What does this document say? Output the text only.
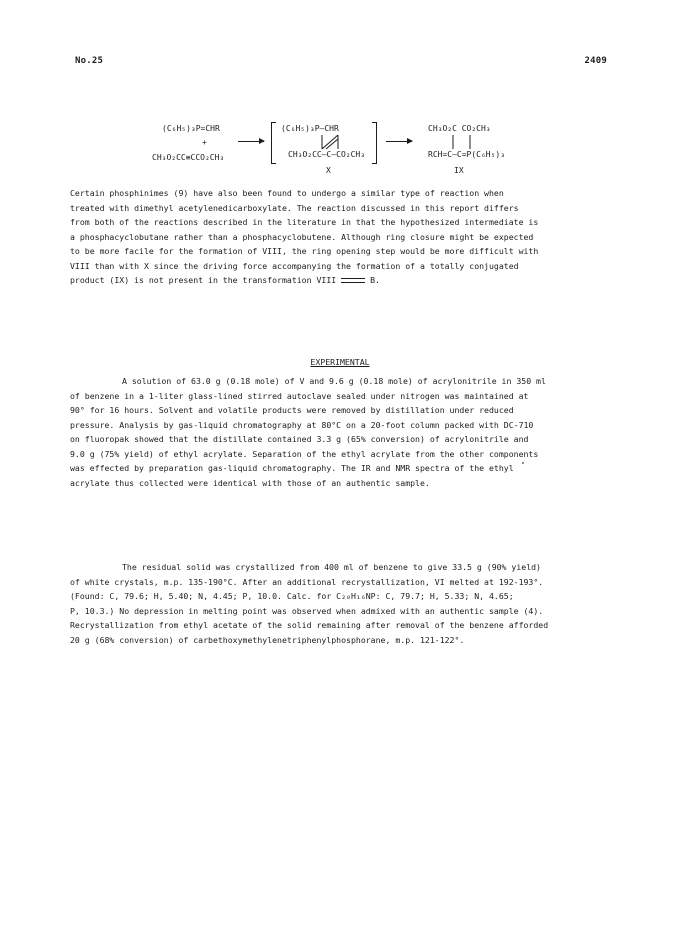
No.25	2409
(C₆H₅)₃P=CHR
+
CH₃O₂CC≡CCO₂CH₃
(C₆H₅)₃P—CHR
CH₃O₂CC—C—CO₂CH₃
X
CH₃O₂C CO₂CH₃
RCH=C—C=P(C₆H₅)₃
IX

Certain phosphinimes (9) have also been found to undergo a similar type of reaction when

treated with dimethyl acetylenedicarboxylate. The reaction discussed in this report differs

from both of the reactions described in the literature in that the hypothesized intermediate is

a phosphacyclobutane rather than a phosphacyclobutene. Although ring closure might be expected

to be more facile for the formation of VIII, the ring opening step would be more difficult with

VIII than with X since the driving force accompanying the formation of a totally conjugated

product (IX) is not present in the transformation VIII	B.

EXPERIMENTAL

A solution of 63.0 g (0.18 mole) of V and 9.6 g (0.18 mole) of acrylonitrile in 350 ml

of benzene in a 1-liter glass-lined stirred autoclave sealed under nitrogen was maintained at

90° for 16 hours. Solvent and volatile products were removed by distillation under reduced

pressure. Analysis by gas-liquid chromatography at 80°C on a 20-foot column packed with DC-710

on fluoropak showed that the distillate contained 3.3 g (65% conversion) of acrylonitrile and

9.0 g (75% yield) of ethyl acrylate. Separation of the ethyl acrylate from the other components

was effected by preparation gas-liquid chromatography. The IR and NMR spectra of the ethyl

acrylate thus collected were identical with those of an authentic sample.

The residual solid was crystallized from 400 ml of benzene to give 33.5 g (90% yield)

of white crystals, m.p. 135-190°C. After an additional recrystallization, VI melted at 192-193°.

(Found: C, 79.6; H, 5.40; N, 4.45; P, 10.0. Calc. for C₂₀H₁₆NP: C, 79.7; H, 5.33; N, 4.65;

P, 10.3.) No depression in melting point was observed when admixed with an authentic sample (4).

Recrystallization from ethyl acetate of the solid remaining after removal of the benzene afforded

20 g (68% conversion) of carbethoxymethylenetriphenylphosphorane, m.p. 121-122°.
